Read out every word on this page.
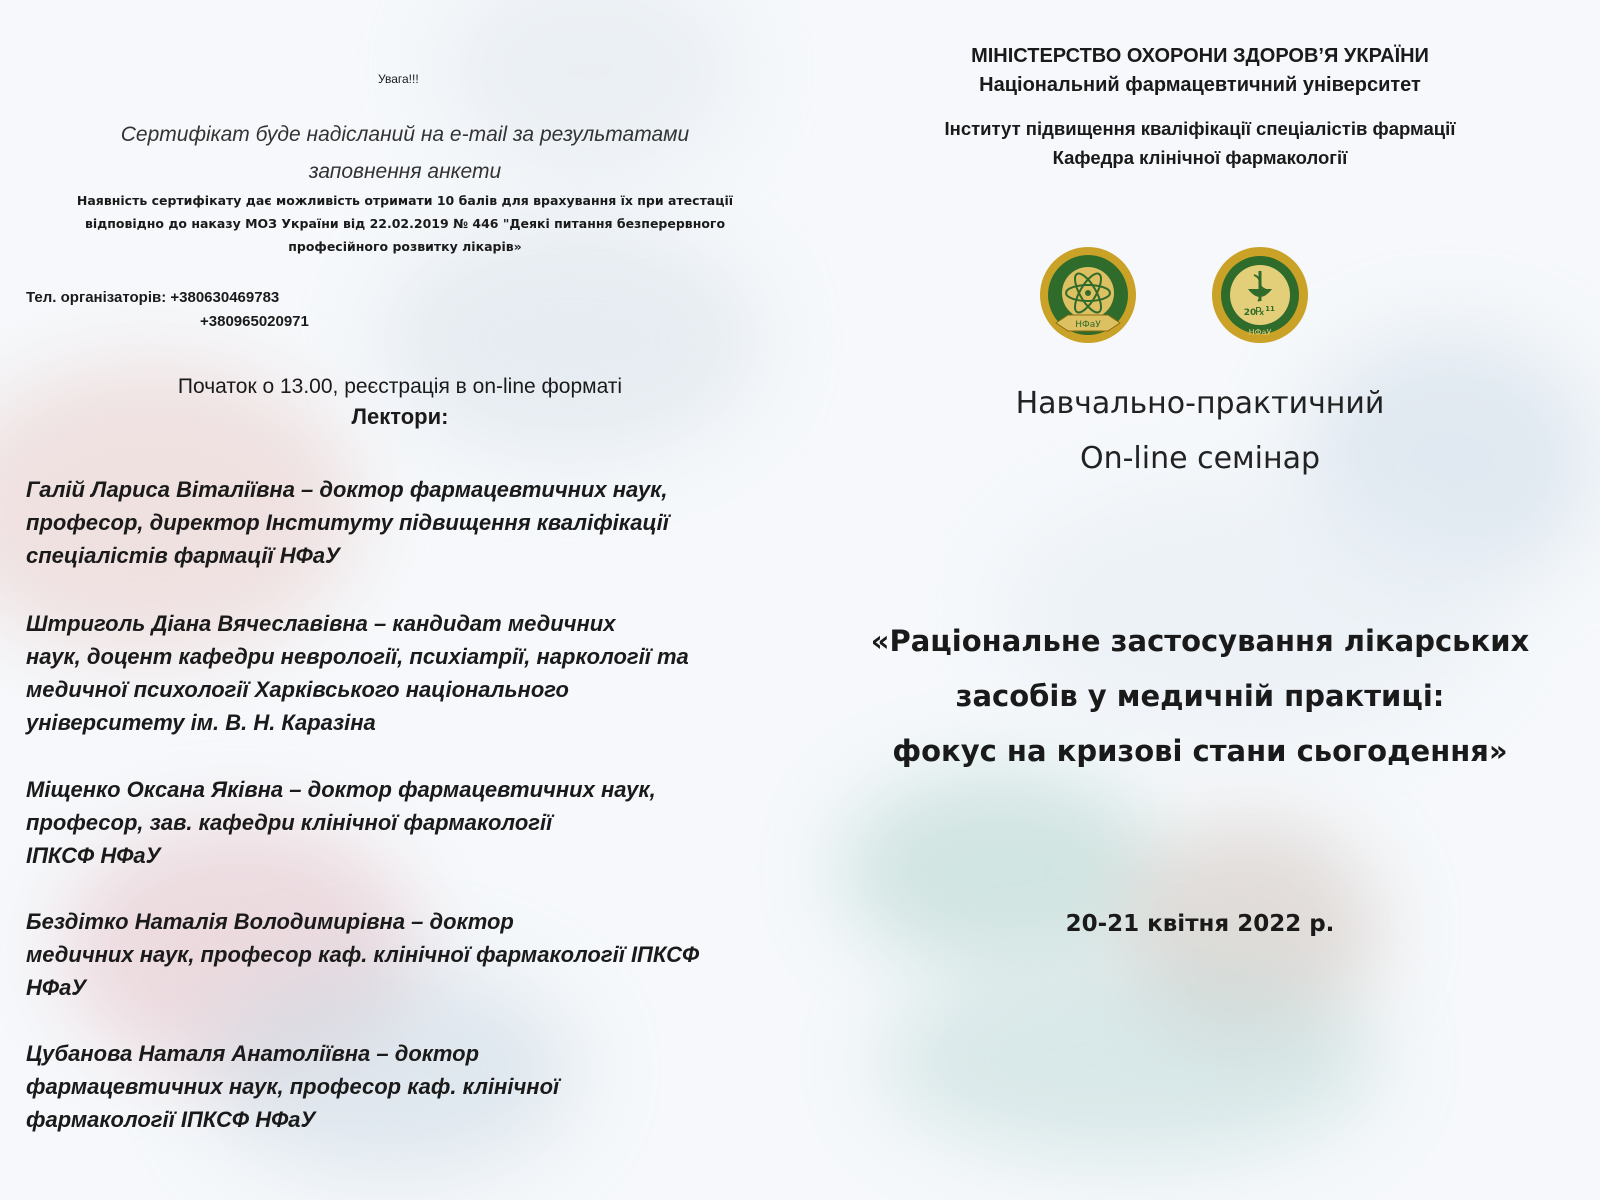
Увага!!!
Сертифікат буде надісланий на e-mail за результатами
заповнення анкети
Наявність сертифікату дає можливість отримати 10 балів для врахування їх при атестації
відповідно до наказу МОЗ України від 22.02.2019 № 446 "Деякі питання безперервного
професійного розвитку лікарів»
Тел. організаторів: +380630469783
+380965020971
Початок о 13.00, реєстрація в on-line форматі
Лектори:
Галій Лариса Віталіївна – доктор фармацевтичних наук,
професор, директор Інституту підвищення кваліфікації
спеціалістів фармації НФаУ
Штриголь Діана Вячеславівна – кандидат медичних
наук, доцент кафедри неврології, психіатрії, наркології та
медичної психології Харківського національного
університету ім. В. Н. Каразіна
Міщенко Оксана Яківна – доктор фармацевтичних наук,
професор, зав. кафедри клінічної фармакології
ІПКСФ НФаУ
Бездітко Наталія Володимирівна – доктор
медичних наук, професор каф. клінічної фармакології ІПКСФ
НФаУ
Цубанова Наталя Анатоліївна – доктор
фармацевтичних наук, професор каф. клінічної
фармакології ІПКСФ НФаУ
МІНІСТЕРСТВО ОХОРОНИ ЗДОРОВ’Я УКРАЇНИ
Національний фармацевтичний університет
Інститут підвищення кваліфікації спеціалістів фармації
Кафедра клінічної фармакології
НФаУ
20
℞ 11
НФаУ
Навчально-практичний
On-line семінар
«Раціональне застосування лікарських
засобів у медичній практиці:
фокус на кризові стани сьогодення»
20-21 квітня 2022 р.
